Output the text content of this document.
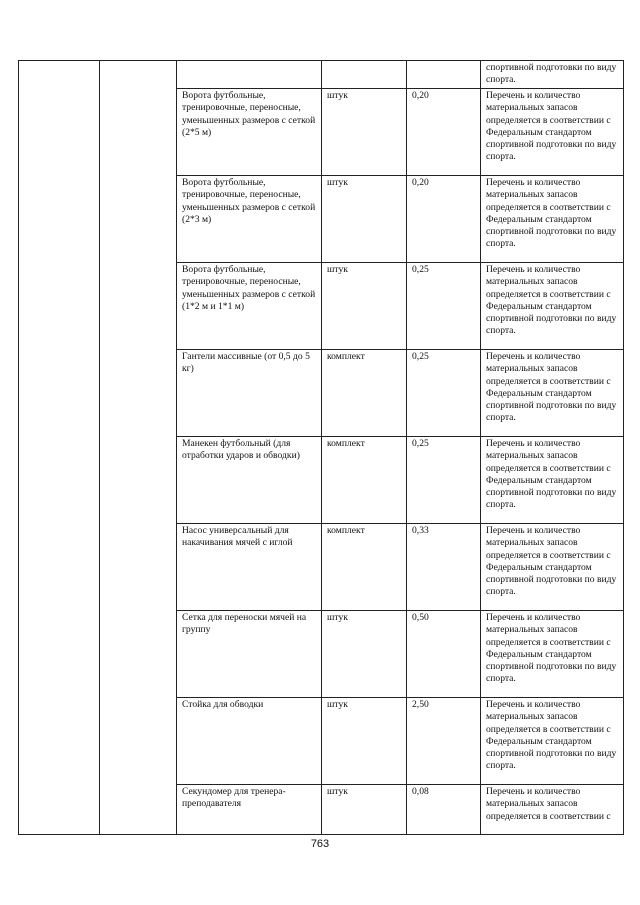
					спортивной подготовки по виду спорта.
		Ворота футбольные, тренировочные, переносные, уменьшенных размеров с сеткой (2*5 м)	штук	0,20	Перечень и количество материальных запасов определяется в соответствии с Федеральным стандартом спортивной подготовки по виду спорта.
		Ворота футбольные, тренировочные, переносные, уменьшенных размеров с сеткой (2*3 м)	штук	0,20	Перечень и количество материальных запасов определяется в соответствии с Федеральным стандартом спортивной подготовки по виду спорта.
		Ворота футбольные, тренировочные, переносные, уменьшенных размеров с сеткой (1*2 м и 1*1 м)	штук	0,25	Перечень и количество материальных запасов определяется в соответствии с Федеральным стандартом спортивной подготовки по виду спорта.
		Гантели массивные (от 0,5 до 5 кг)	комплект	0,25	Перечень и количество материальных запасов определяется в соответствии с Федеральным стандартом спортивной подготовки по виду спорта.
		Манекен футбольный (для отработки ударов и обводки)	комплект	0,25	Перечень и количество материальных запасов определяется в соответствии с Федеральным стандартом спортивной подготовки по виду спорта.
		Насос универсальный для накачивания мячей с иглой	комплект	0,33	Перечень и количество материальных запасов определяется в соответствии с Федеральным стандартом спортивной подготовки по виду спорта.
		Сетка для переноски мячей на группу	штук	0,50	Перечень и количество материальных запасов определяется в соответствии с Федеральным стандартом спортивной подготовки по виду спорта.
		Стойка для обводки	штук	2,50	Перечень и количество материальных запасов определяется в соответствии с Федеральным стандартом спортивной подготовки по виду спорта.
		Секундомер для тренера-преподавателя	штук	0,08	Перечень и количество материальных запасов определяется в соответствии с
763
